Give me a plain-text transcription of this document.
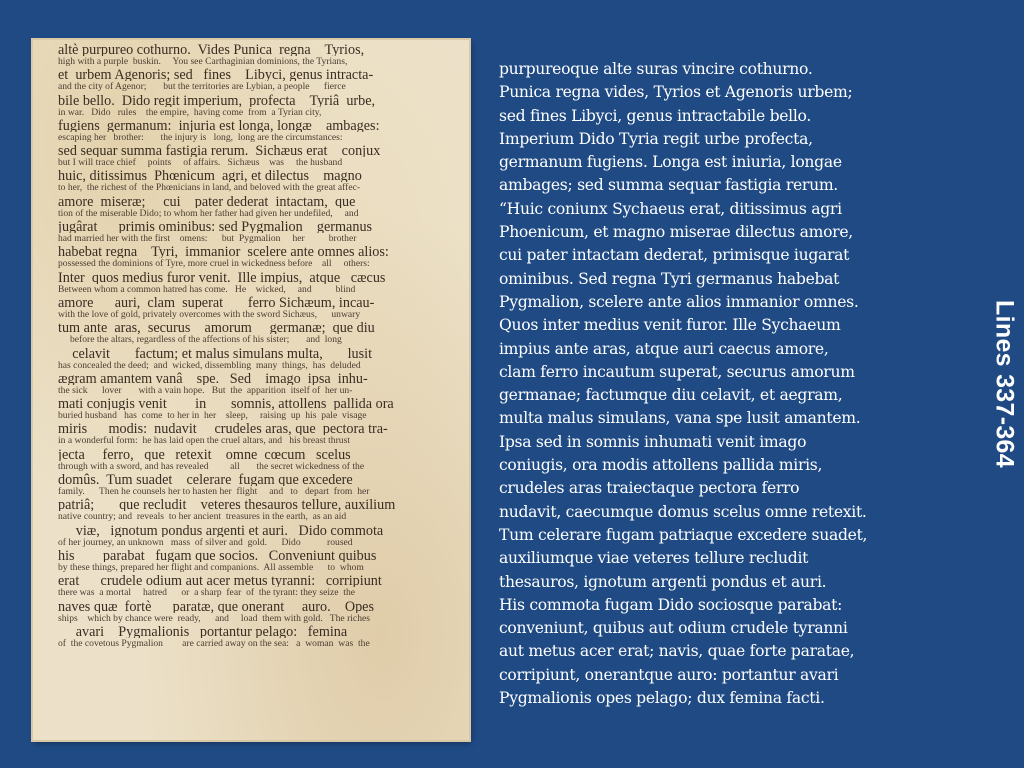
altè purpureo cothurno.  Vides Punica  regna    Tyrios,
high with a purple  buskin.     You see Carthaginian dominions, the Tyrians,
et  urbem Agenoris; sed   fines    Libyci, genus intracta-
and the city of Agenor;       but the territories are Lybian, a people      fierce
bile bello.  Dido regit imperium,  profecta    Tyriâ  urbe,
in war.   Dido   rules    the empire,  having come  from  a Tyrian city,
fugiens  germanum:  injuria est longa, longæ    ambages:
escaping her   brother:       the injury is   long,  long are the circumstances:
sed sequar summa fastigia rerum.  Sichæus erat    conjux
but I will trace chief     points     of affairs.   Sichæus    was     the husband
huic, ditissimus  Phœnicum  agri, et dilectus    magno
to her,  the richest of  the Phœnicians in land, and beloved with the great affec-
amore  miseræ;     cui    pater dederat  intactam,  que
tion of the miserable Dido; to whom her father had given her undefiled,     and
jugârat      primis ominibus: sed Pygmalion    germanus
had married her with the first    omens:      but  Pygmalion     her          brother
habebat regna    Tyri,  immanior  scelere ante omnes alios:
possessed the dominions of Tyre, more cruel in wickedness before    all     others:
Inter  quos medius furor venit.  Ille impius,  atque   cæcus
Between whom a common hatred has come.   He    wicked,     and          blind
amore      auri,  clam  superat       ferro Sichæum, incau-
with the love of gold, privately overcomes with the sword Sichæus,      unwary
tum ante  aras,  securus    amorum     germanæ;  que diu
before the altars, regardless of the affections of his sister;       and  long
celavit       factum; et malus simulans multa,       lusit
has concealed the deed;  and  wicked, dissembling  many  things,  has  deluded
ægram amantem vanâ    spe.   Sed    imago  ipsa  inhu-
the sick      lover       with a vain hope.   But  the  apparition  itself of  her un-
mati conjugis venit        in       somnis, attollens  pallida ora
buried husband   has  come  to her in  her    sleep,     raising  up  his  pale  visage
miris      modis:  nudavit     crudeles aras, que  pectora tra-
in a wonderful form:  he has laid open the cruel altars, and   his breast thrust
jecta     ferro,   que   retexit    omne  cœcum   scelus
through with a sword, and has revealed         all       the secret wickedness of the
domûs.  Tum suadet    celerare  fugam que excedere
family.      Then he counsels her to hasten her  flight     and   to   depart  from  her
patriâ;       que recludit    veteres thesauros tellure, auxilium
native country; and  reveals  to her ancient  treasures in the earth,  as an aid
viæ,   ignotum pondus argenti et auri.   Dido commota
of her journey, an unknown   mass  of silver and  gold.      Dido           roused
his        parabat   fugam que socios.   Conveniunt quibus
by these things, prepared her flight and companions.  All assemble      to  whom
erat      crudele odium aut acer metus tyranni:   corripiunt
there was  a mortal     hatred      or  a sharp  fear  of  the tyrant: they seize  the
naves quæ  fortè      paratæ, que onerant     auro.    Opes
ships    which by chance were  ready,      and     load  them with gold.   The riches
avari    Pygmalionis   portantur pelago:   femina
of  the covetous Pygmalion        are carried away on the sea:   a  woman  was  the
purpureoque alte suras vincire cothurno.
Punica regna vides, Tyrios et Agenoris urbem;
sed fines Libyci, genus intractabile bello.
Imperium Dido Tyria regit urbe profecta,
germanum fugiens. Longa est iniuria, longae
ambages; sed summa sequar fastigia rerum.
“Huic coniunx Sychaeus erat, ditissimus agri
Phoenicum, et magno miserae dilectus amore,
cui pater intactam dederat, primisque iugarat
ominibus. Sed regna Tyri germanus habebat
Pygmalion, scelere ante alios immanior omnes.
Quos inter medius venit furor. Ille Sychaeum
impius ante aras, atque auri caecus amore,
clam ferro incautum superat, securus amorum
germanae; factumque diu celavit, et aegram,
multa malus simulans, vana spe lusit amantem.
Ipsa sed in somnis inhumati venit imago
coniugis, ora modis attollens pallida miris,
crudeles aras traiectaque pectora ferro
nudavit, caecumque domus scelus omne retexit.
Tum celerare fugam patriaque excedere suadet,
auxiliumque viae veteres tellure recludit
thesauros, ignotum argenti pondus et auri.
His commota fugam Dido sociosque parabat:
conveniunt, quibus aut odium crudele tyranni
aut metus acer erat; navis, quae forte paratae,
corripiunt, onerantque auro: portantur avari
Pygmalionis opes pelago; dux femina facti.
Lines 337-364
